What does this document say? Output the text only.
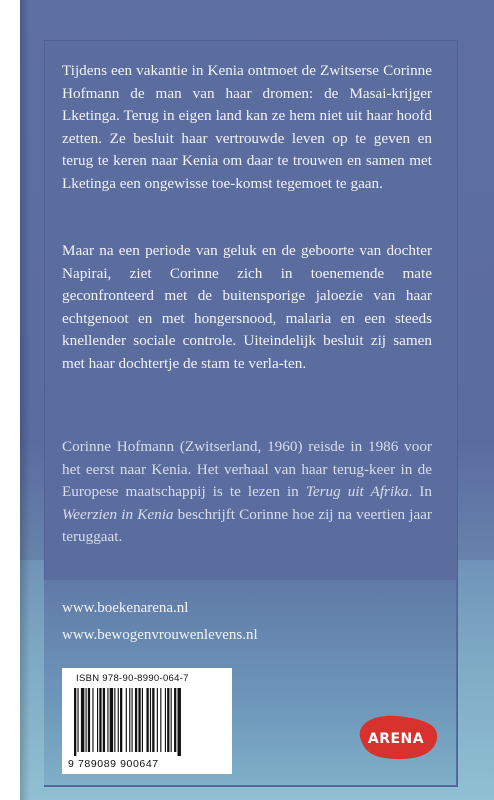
Tijdens een vakantie in Kenia ontmoet de Zwitserse Corinne Hofmann de man van haar dromen: de Masai-krijger Lketinga. Terug in eigen land kan ze hem niet uit haar hoofd zetten. Ze besluit haar vertrouwde leven op te geven en terug te keren naar Kenia om daar te trouwen en samen met Lketinga een ongewisse toe-komst tegemoet te gaan.
Maar na een periode van geluk en de geboorte van dochter Napirai, ziet Corinne zich in toenemende mate geconfronteerd met de buitensporige jaloezie van haar echtgenoot en met hongersnood, malaria en een steeds knellender sociale controle. Uiteindelijk besluit zij samen met haar dochtertje de stam te verla-ten.
Corinne Hofmann (Zwitserland, 1960) reisde in 1986 voor het eerst naar Kenia. Het verhaal van haar terug-keer in de Europese maatschappij is te lezen in Terug uit Afrika. In Weerzien in Kenia beschrijft Corinne hoe zij na veertien jaar teruggaat.
www.boekenarena.nl
www.bewogenvrouwenlevens.nl
ISBN 978-90-8990-064-7
9 789089 900647
ARENA
